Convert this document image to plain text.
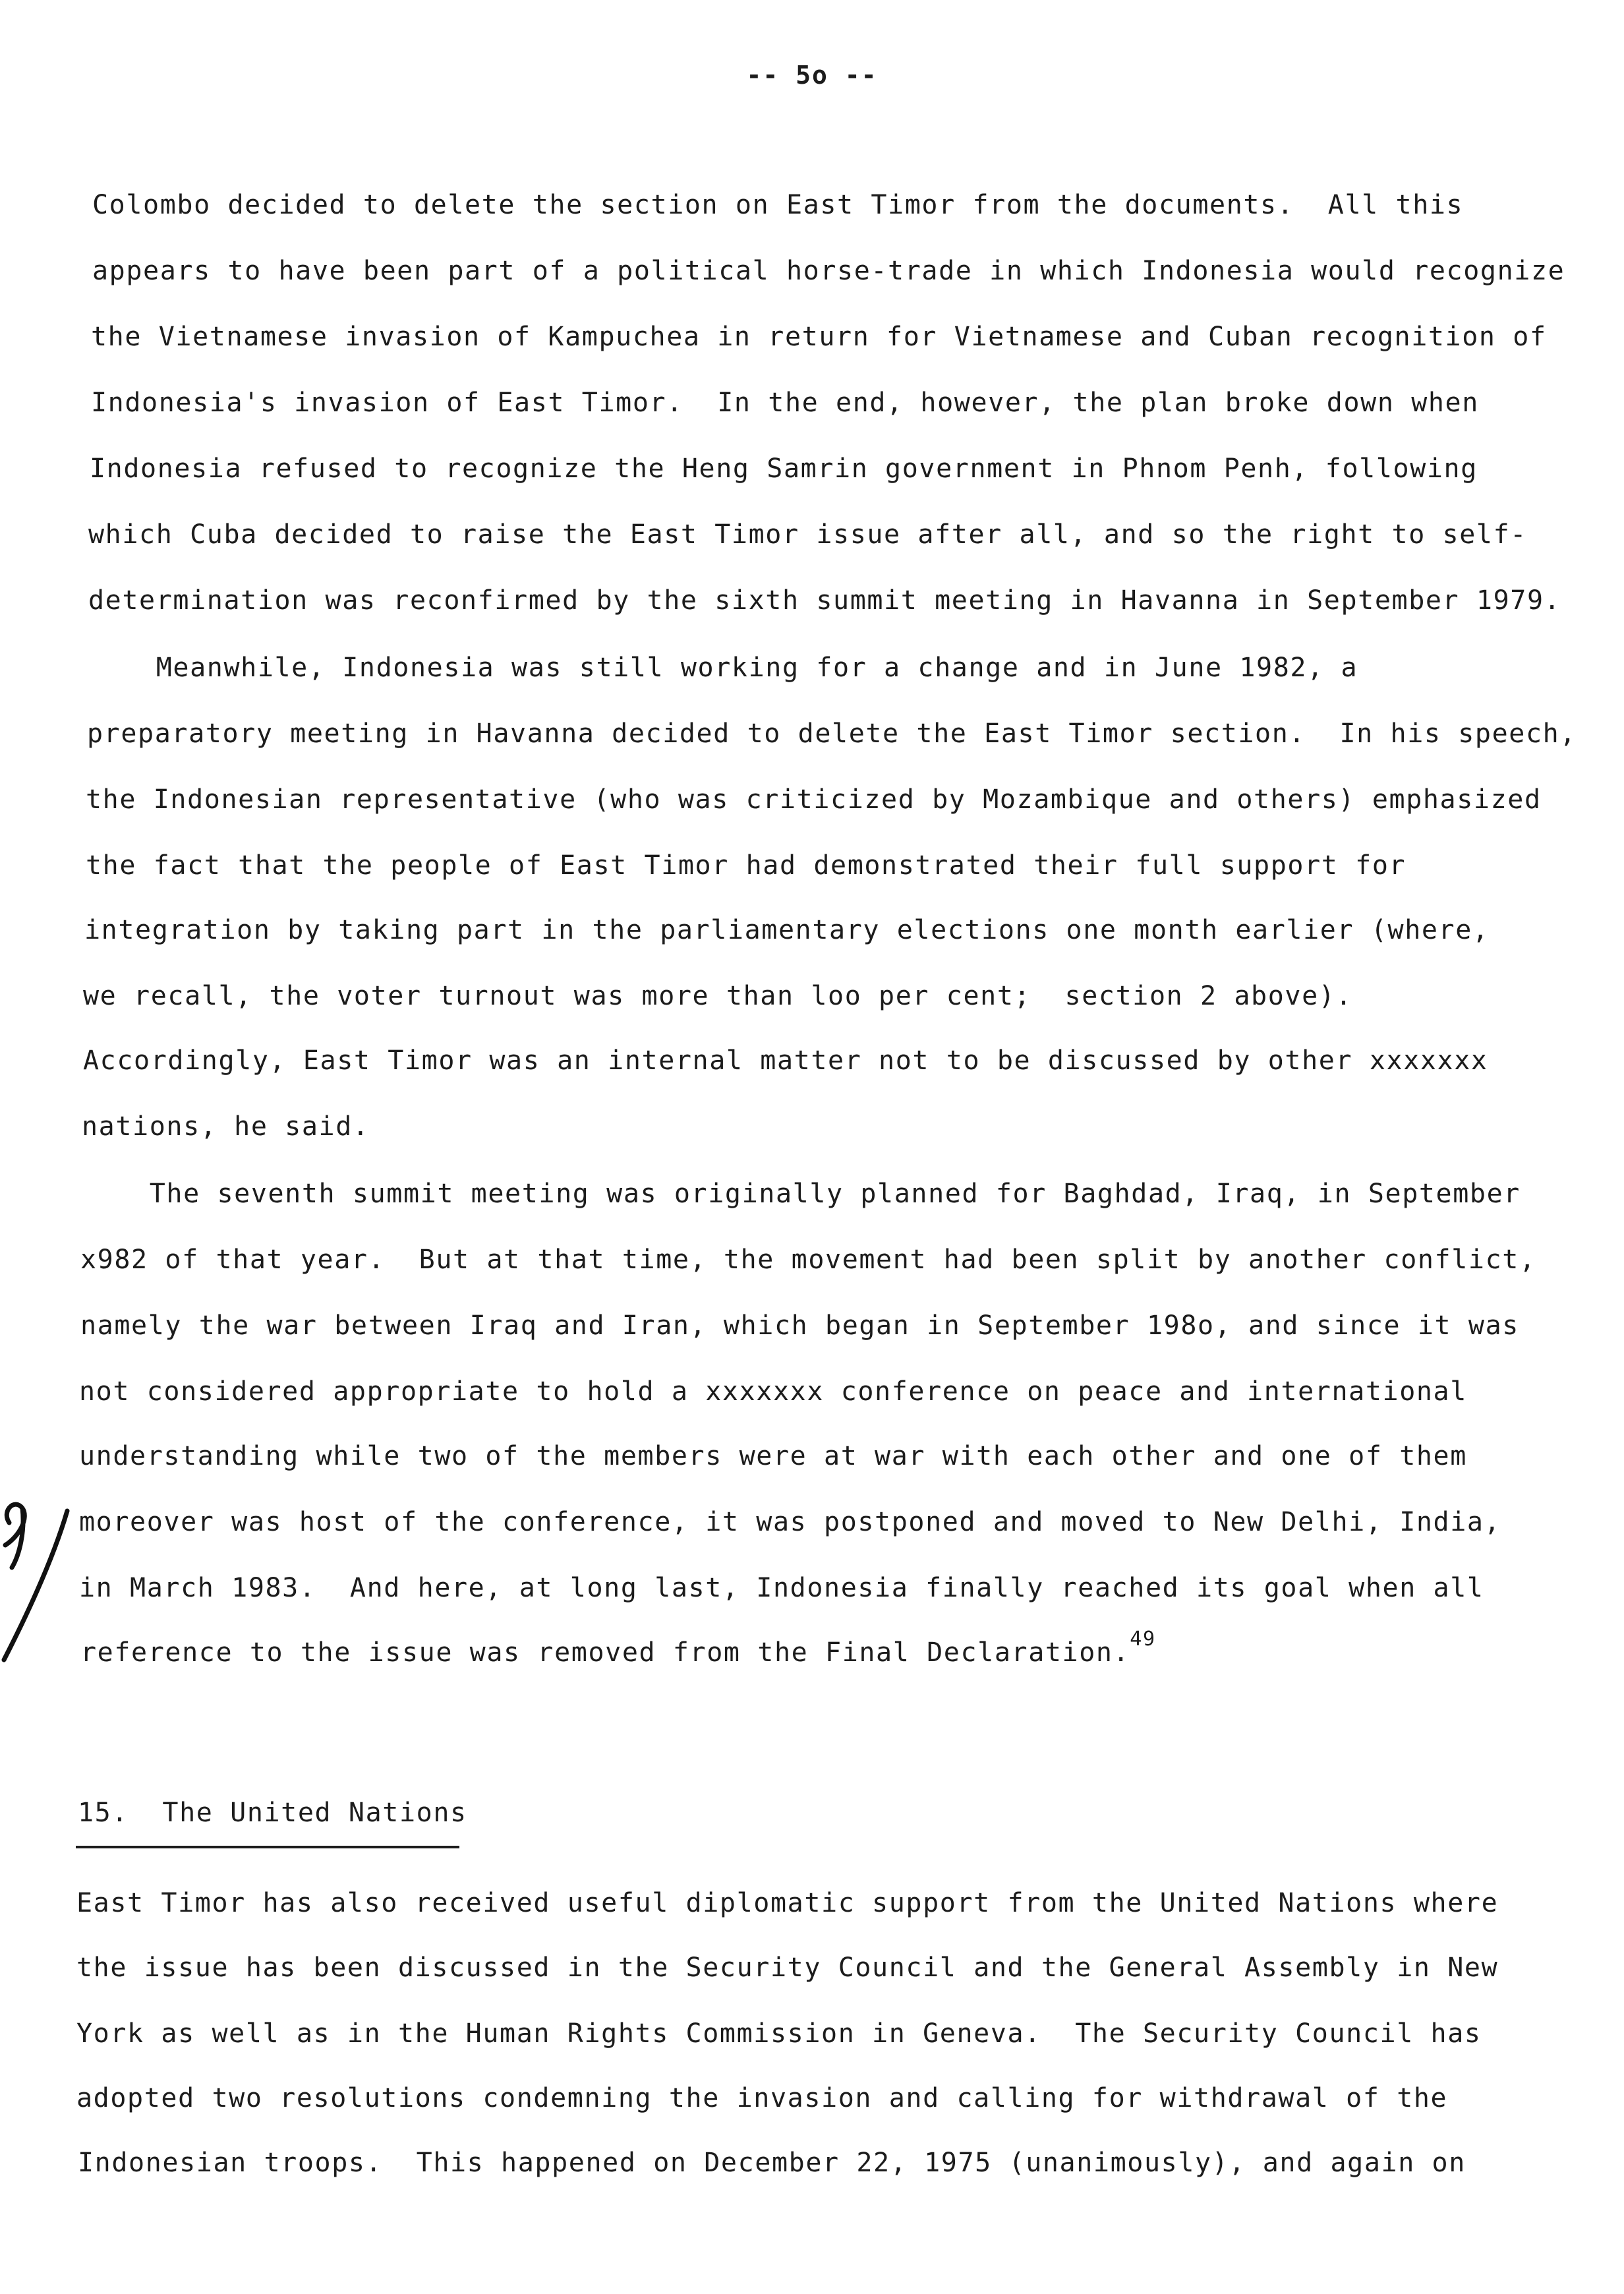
-- 5o --
Colombo decided to delete the section on East Timor from the documents.  All this
appears to have been part of a political horse-trade in which Indonesia would recognize
the Vietnamese invasion of Kampuchea in return for Vietnamese and Cuban recognition of
Indonesia's invasion of East Timor.  In the end, however, the plan broke down when
Indonesia refused to recognize the Heng Samrin government in Phnom Penh, following
which Cuba decided to raise the East Timor issue after all, and so the right to self-
determination was reconfirmed by the sixth summit meeting in Havanna in September 1979.
Meanwhile, Indonesia was still working for a change and in June 1982, a
preparatory meeting in Havanna decided to delete the East Timor section.  In his speech,
the Indonesian representative (who was criticized by Mozambique and others) emphasized
the fact that the people of East Timor had demonstrated their full support for
integration by taking part in the parliamentary elections one month earlier (where,
we recall, the voter turnout was more than loo per cent;  section 2 above).
Accordingly, East Timor was an internal matter not to be discussed by other xxxxxxx
nations, he said.
The seventh summit meeting was originally planned for Baghdad, Iraq, in September
x982 of that year.  But at that time, the movement had been split by another conflict,
namely the war between Iraq and Iran, which began in September 198o, and since it was
not considered appropriate to hold a xxxxxxx conference on peace and international
understanding while two of the members were at war with each other and one of them
moreover was host of the conference, it was postponed and moved to New Delhi, India,
in March 1983.  And here, at long last, Indonesia finally reached its goal when all
reference to the issue was removed from the Final Declaration.$^{49}$
15.  The United Nations
East Timor has also received useful diplomatic support from the United Nations where
the issue has been discussed in the Security Council and the General Assembly in New
York as well as in the Human Rights Commission in Geneva.  The Security Council has
adopted two resolutions condemning the invasion and calling for withdrawal of the
Indonesian troops.  This happened on December 22, 1975 (unanimously), and again on
